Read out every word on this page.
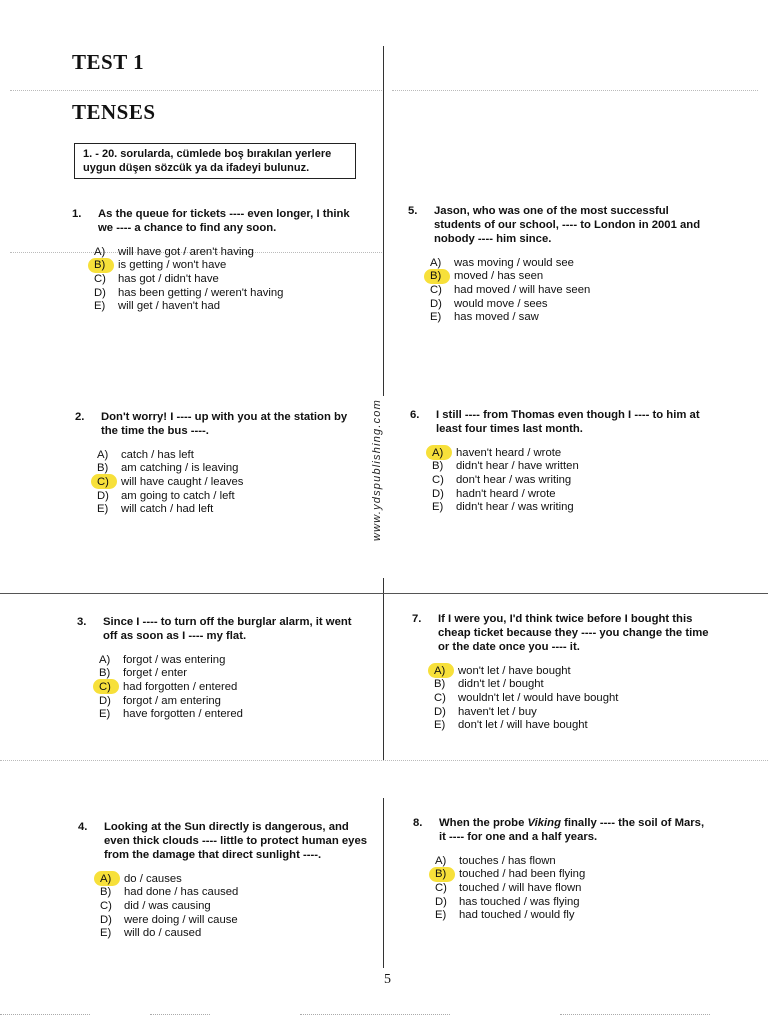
TEST 1
TENSES
1. - 20. sorularda, cümlede boş bırakılan yerlere uygun düşen sözcük ya da ifadeyi bulunuz.
www.ydspublishing.com
1.	As the queue for tickets ---- even longer, I think we ---- a chance to find any soon.
A)	will have got / aren't having
B)	is getting / won't have
C)	has got / didn't have
D)	has been getting / weren't having
E)	will get / haven't had
2.	Don't worry! I ---- up with you at the station by the time the bus ----.
A)	catch / has left
B)	am catching / is leaving
C)	will have caught / leaves
D)	am going to catch / left
E)	will catch / had left
3.	Since I ---- to turn off the burglar alarm, it went off as soon as I ---- my flat.
A)	forgot / was entering
B)	forget / enter
C)	had forgotten / entered
D)	forgot / am entering
E)	have forgotten / entered
4.	Looking at the Sun directly is dangerous, and even thick clouds ---- little to protect human eyes from the damage that direct sunlight ----.
A)	do / causes
B)	had done / has caused
C)	did / was causing
D)	were doing / will cause
E)	will do / caused
5.	Jason, who was one of the most successful students of our school, ---- to London in 2001 and nobody ---- him since.
A)	was moving / would see
B)	moved / has seen
C)	had moved / will have seen
D)	would move / sees
E)	has moved / saw
6.	I still ---- from Thomas even though I ---- to him at least four times last month.
A)	haven't heard / wrote
B)	didn't hear / have written
C)	don't hear / was writing
D)	hadn't heard / wrote
E)	didn't hear / was writing
7.	If I were you, I'd think twice before I bought this cheap ticket because they ---- you change the time or the date once you ---- it.
A)	won't let / have bought
B)	didn't let / bought
C)	wouldn't let / would have bought
D)	haven't let / buy
E)	don't let / will have bought
8.	When the probe Viking finally ---- the soil of Mars, it ---- for one and a half years.
A)	touches / has flown
B)	touched / had been flying
C)	touched / will have flown
D)	has touched / was flying
E)	had touched / would fly
5
